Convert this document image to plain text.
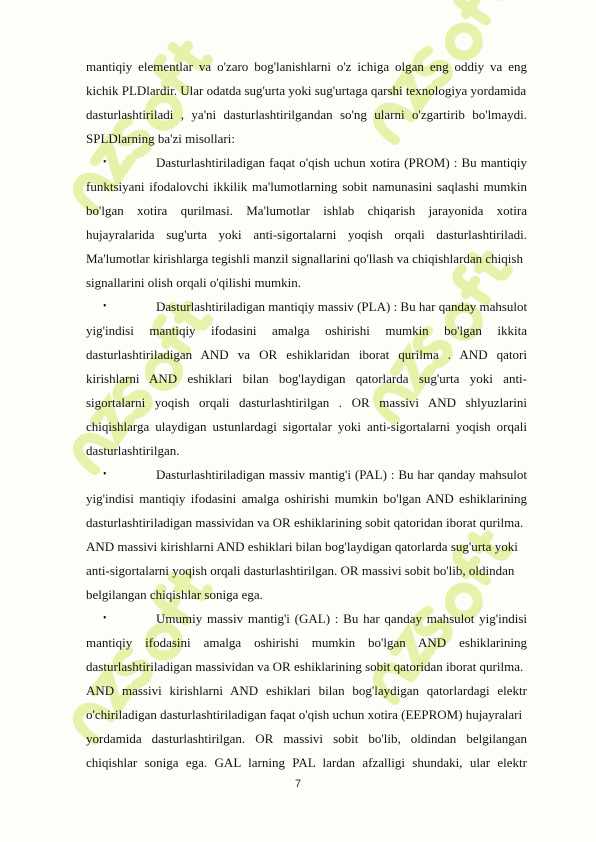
mantiqiy elementlar va o'zaro bog'lanishlarni o'z ichiga olgan eng oddiy va eng
kichik PLDlardir. Ular odatda sug'urta yoki sug'urtaga qarshi texnologiya yordamida
dasturlashtiriladi , ya'ni dasturlashtirilgandan so'ng ularni o'zgartirib bo'lmaydi.
SPLDlarning ba'zi misollari:
•	Dasturlashtiriladigan faqat o'qish uchun xotira (PROM) : Bu mantiqiy
funktsiyani ifodalovchi ikkilik ma'lumotlarning sobit namunasini saqlashi mumkin
bo'lgan xotira qurilmasi. Ma'lumotlar ishlab chiqarish jarayonida xotira
hujayralarida sug'urta yoki anti-sigortalarni yoqish orqali dasturlashtiriladi.
Ma'lumotlar kirishlarga tegishli manzil signallarini qo'llash va chiqishlardan chiqish
signallarini olish orqali o'qilishi mumkin.
•	Dasturlashtiriladigan mantiqiy massiv (PLA) : Bu har qanday mahsulot
yig'indisi mantiqiy ifodasini amalga oshirishi mumkin bo'lgan ikkita
dasturlashtiriladigan AND va OR eshiklaridan iborat qurilma . AND qatori
kirishlarni AND eshiklari bilan bog'laydigan qatorlarda sug'urta yoki anti-
sigortalarni yoqish orqali dasturlashtirilgan . OR massivi AND shlyuzlarini
chiqishlarga ulaydigan ustunlardagi sigortalar yoki anti-sigortalarni yoqish orqali
dasturlashtirilgan.
•	Dasturlashtiriladigan massiv mantig'i (PAL) : Bu har qanday mahsulot
yig'indisi mantiqiy ifodasini amalga oshirishi mumkin bo'lgan AND eshiklarining
dasturlashtiriladigan massividan va OR eshiklarining sobit qatoridan iborat qurilma.
AND massivi kirishlarni AND eshiklari bilan bog'laydigan qatorlarda sug'urta yoki
anti-sigortalarni yoqish orqali dasturlashtirilgan. OR massivi sobit bo'lib, oldindan
belgilangan chiqishlar soniga ega.
•	Umumiy massiv mantig'i (GAL) : Bu har qanday mahsulot yig'indisi
mantiqiy ifodasini amalga oshirishi mumkin bo'lgan AND eshiklarining
dasturlashtiriladigan massividan va OR eshiklarining sobit qatoridan iborat qurilma.
AND massivi kirishlarni AND eshiklari bilan bog'laydigan qatorlardagi elektr
o'chiriladigan dasturlashtiriladigan faqat o'qish uchun xotira (EEPROM) hujayralari
yordamida dasturlashtirilgan. OR massivi sobit bo'lib, oldindan belgilangan
chiqishlar soniga ega. GAL larning PAL lardan afzalligi shundaki, ular elektr
7
